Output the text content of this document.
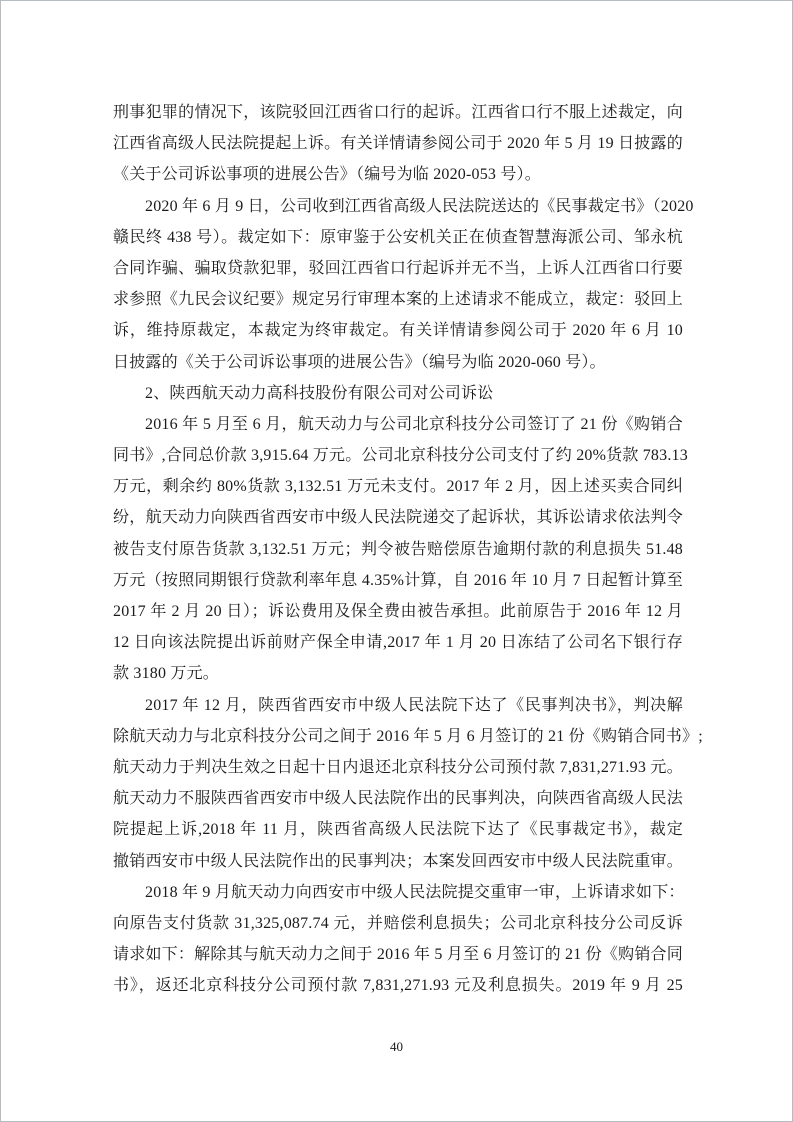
刑事犯罪的情况下，该院驳回江西省口行的起诉。江西省口行不服上述裁定，向
江西省高级人民法院提起上诉。有关详情请参阅公司于 2020 年 5 月 19 日披露的
《关于公司诉讼事项的进展公告》（编号为临 2020-053 号）。
2020 年 6 月 9 日，公司收到江西省高级人民法院送达的《民事裁定书》（2020
赣民终 438 号）。裁定如下：原审鉴于公安机关正在侦查智慧海派公司、邹永杭
合同诈骗、骗取贷款犯罪，驳回江西省口行起诉并无不当，上诉人江西省口行要
求参照《九民会议纪要》规定另行审理本案的上述请求不能成立，裁定：驳回上
诉，维持原裁定，本裁定为终审裁定。有关详情请参阅公司于 2020 年 6 月 10
日披露的《关于公司诉讼事项的进展公告》（编号为临 2020-060 号）。
2、陕西航天动力高科技股份有限公司对公司诉讼
2016 年 5 月至 6 月，航天动力与公司北京科技分公司签订了 21 份《购销合
同书》,合同总价款 3,915.64 万元。公司北京科技分公司支付了约 20%货款 783.13
万元，剩余约 80%货款 3,132.51 万元未支付。2017 年 2 月，因上述买卖合同纠
纷，航天动力向陕西省西安市中级人民法院递交了起诉状，其诉讼请求依法判令
被告支付原告货款 3,132.51 万元；判令被告赔偿原告逾期付款的利息损失 51.48
万元（按照同期银行贷款利率年息 4.35%计算，自 2016 年 10 月 7 日起暂计算至
2017 年 2 月 20 日）；诉讼费用及保全费由被告承担。此前原告于 2016 年 12 月
12 日向该法院提出诉前财产保全申请,2017 年 1 月 20 日冻结了公司名下银行存
款 3180 万元。
2017 年 12 月，陕西省西安市中级人民法院下达了《民事判决书》，判决解
除航天动力与北京科技分公司之间于 2016 年 5 月 6 月签订的 21 份《购销合同书》;
航天动力于判决生效之日起十日内退还北京科技分公司预付款 7,831,271.93 元。
航天动力不服陕西省西安市中级人民法院作出的民事判决，向陕西省高级人民法
院提起上诉,2018 年 11 月，陕西省高级人民法院下达了《民事裁定书》，裁定
撤销西安市中级人民法院作出的民事判决；本案发回西安市中级人民法院重审。
2018 年 9 月航天动力向西安市中级人民法院提交重审一审，上诉请求如下：
向原告支付货款 31,325,087.74 元，并赔偿利息损失；公司北京科技分公司反诉
请求如下：解除其与航天动力之间于 2016 年 5 月至 6 月签订的 21 份《购销合同
书》，返还北京科技分公司预付款 7,831,271.93 元及利息损失。2019 年 9 月 25
40
